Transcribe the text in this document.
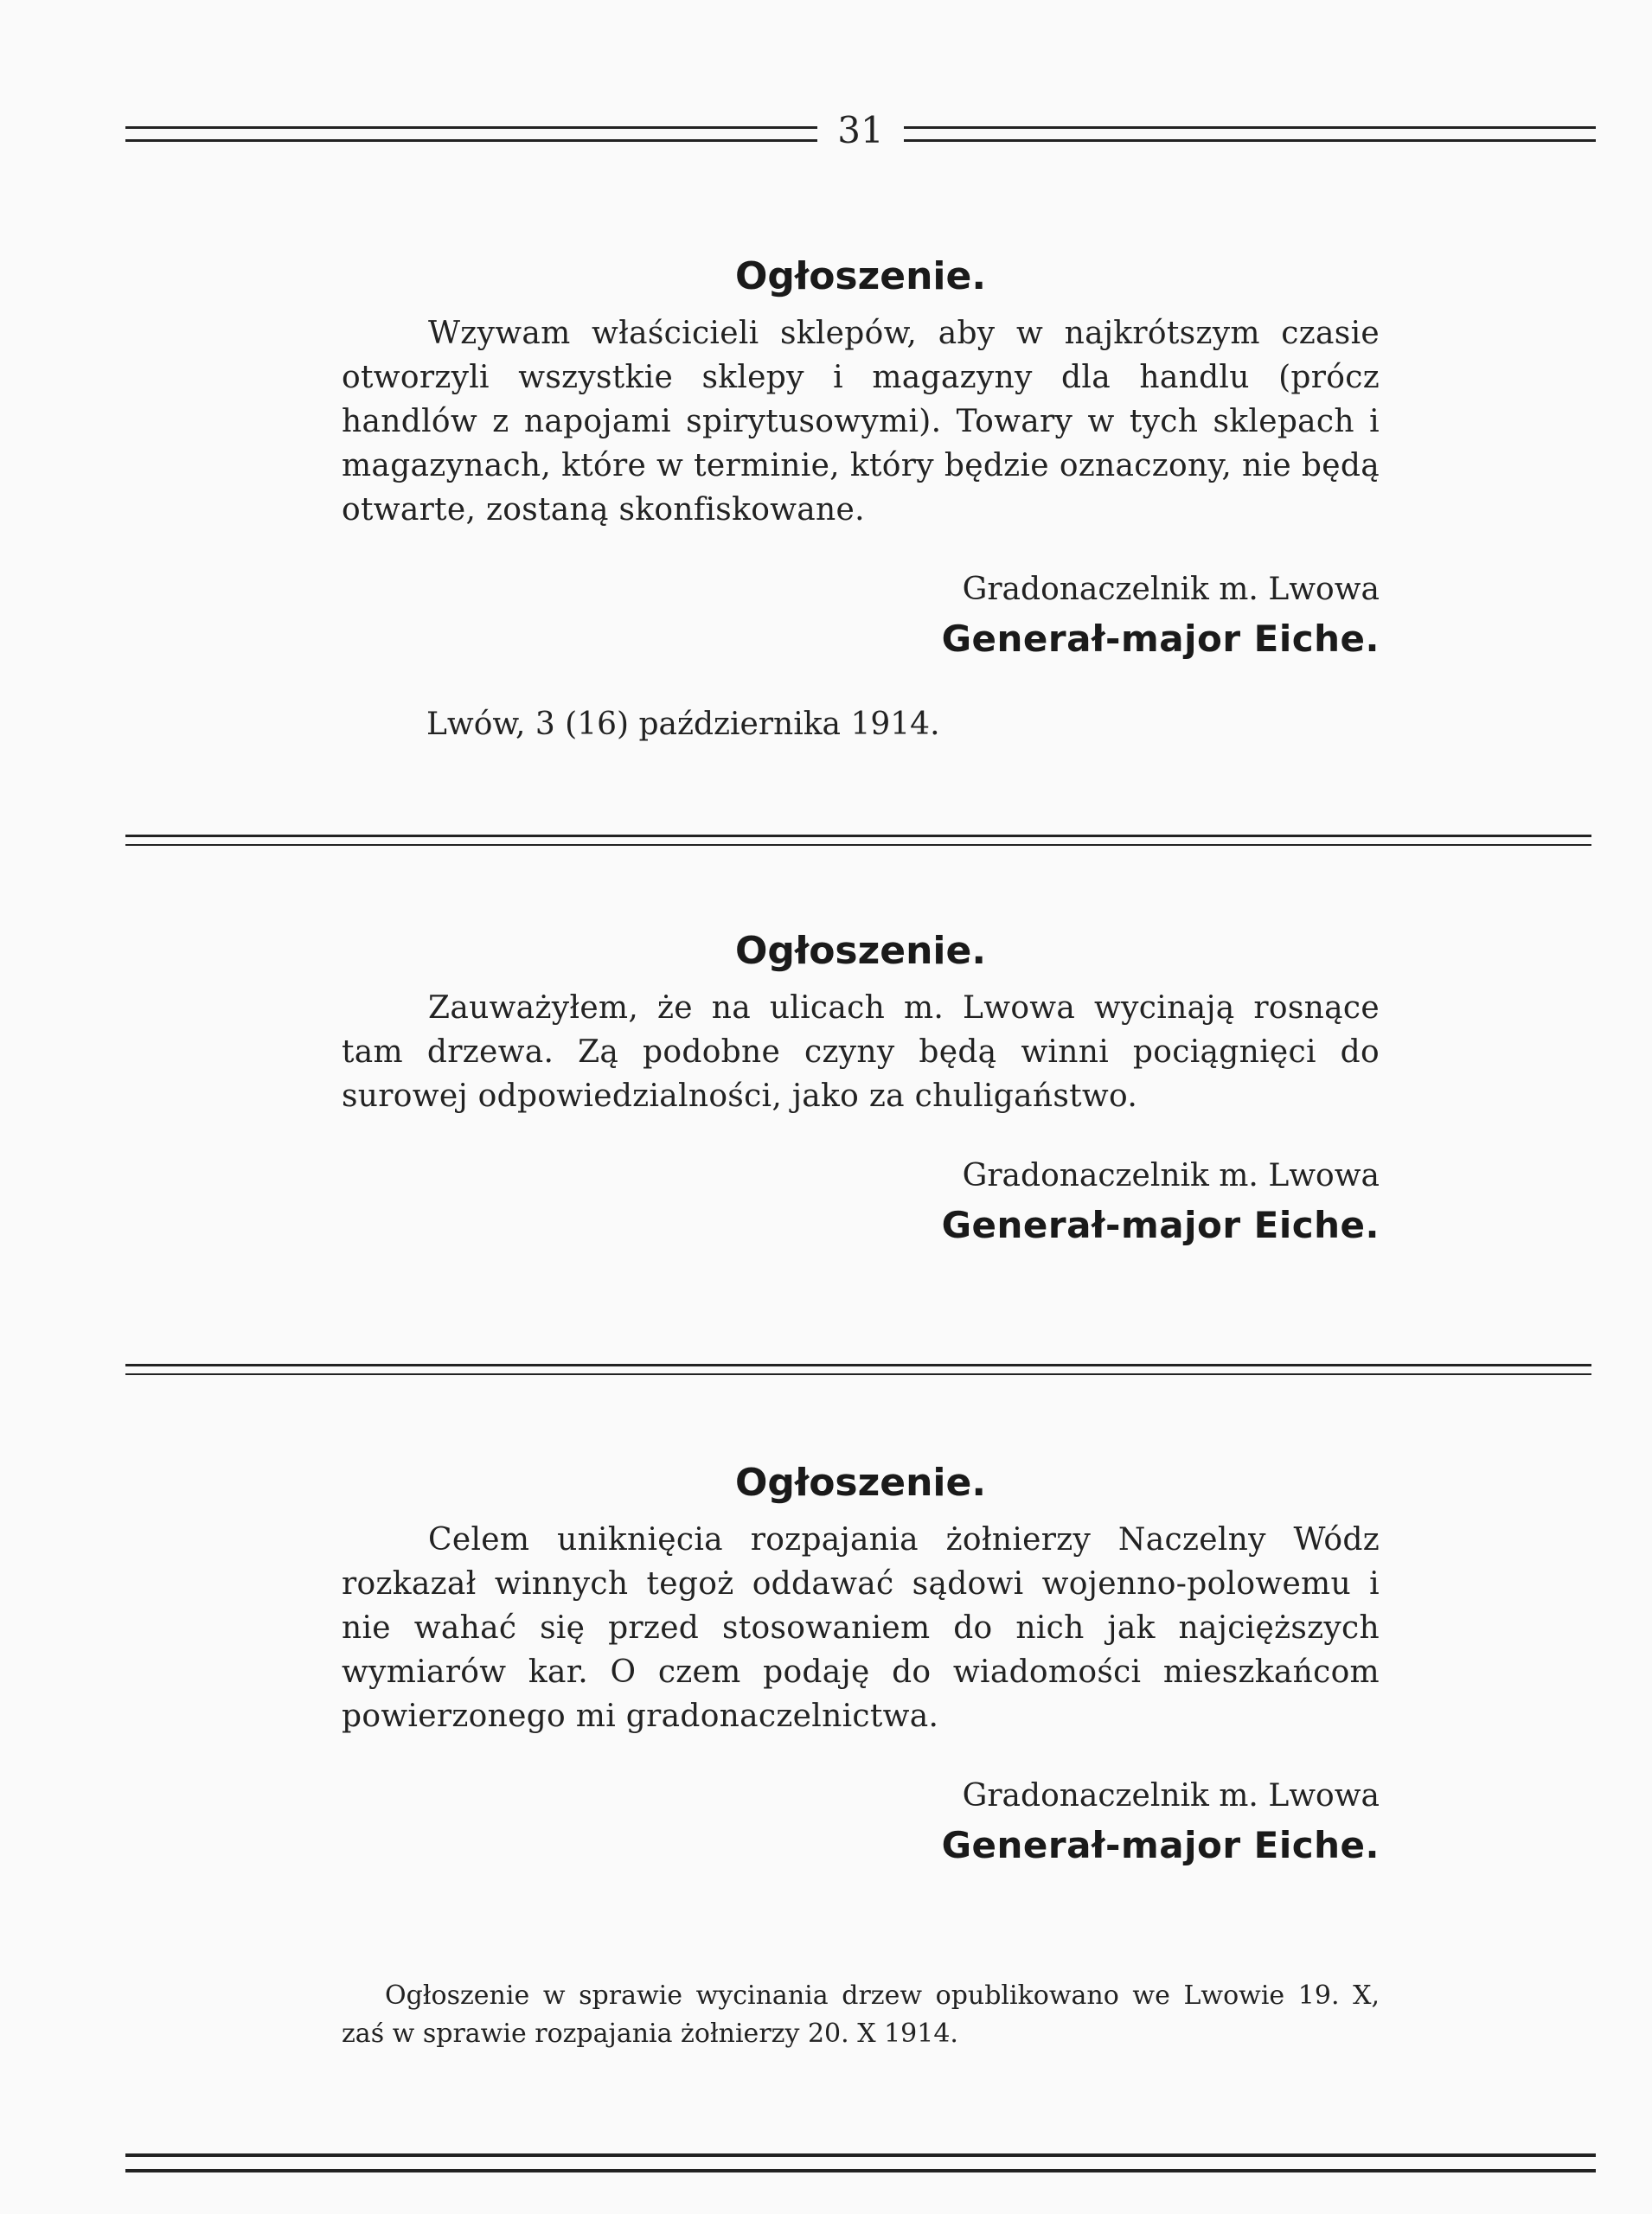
31
Ogłoszenie.

Wzywam właścicieli sklepów, aby w najkrótszym czasie otworzyli wszystkie sklepy i magazyny dla handlu (prócz handlów z napojami spirytusowymi). Towary w tych sklepach i magazynach, które w terminie, który będzie oznaczony, nie będą otwarte, zostaną skonfiskowane.

Gradonaczelnik m. Lwowa
Generał-major Eiche.
Lwów, 3 (16) października 1914.
Ogłoszenie.

Zauważyłem, że na ulicach m. Lwowa wycinają rosnące tam drzewa. Zą podobne czyny będą winni pociągnięci do surowej odpowiedzialności, jako za chuligaństwo.

Gradonaczelnik m. Lwowa
Generał-major Eiche.
Ogłoszenie.

Celem uniknięcia rozpajania żołnierzy Naczelny Wódz rozkazał winnych tegoż oddawać sądowi wojenno-polowemu i nie wahać się przed stosowaniem do nich jak najcięższych wymiarów kar. O czem podaję do wiadomości mieszkańcom powierzonego mi gradonaczelnictwa.

Gradonaczelnik m. Lwowa
Generał-major Eiche.

Ogłoszenie w sprawie wycinania drzew opublikowano we Lwowie 19. X, zaś w sprawie rozpajania żołnierzy 20. X 1914.
